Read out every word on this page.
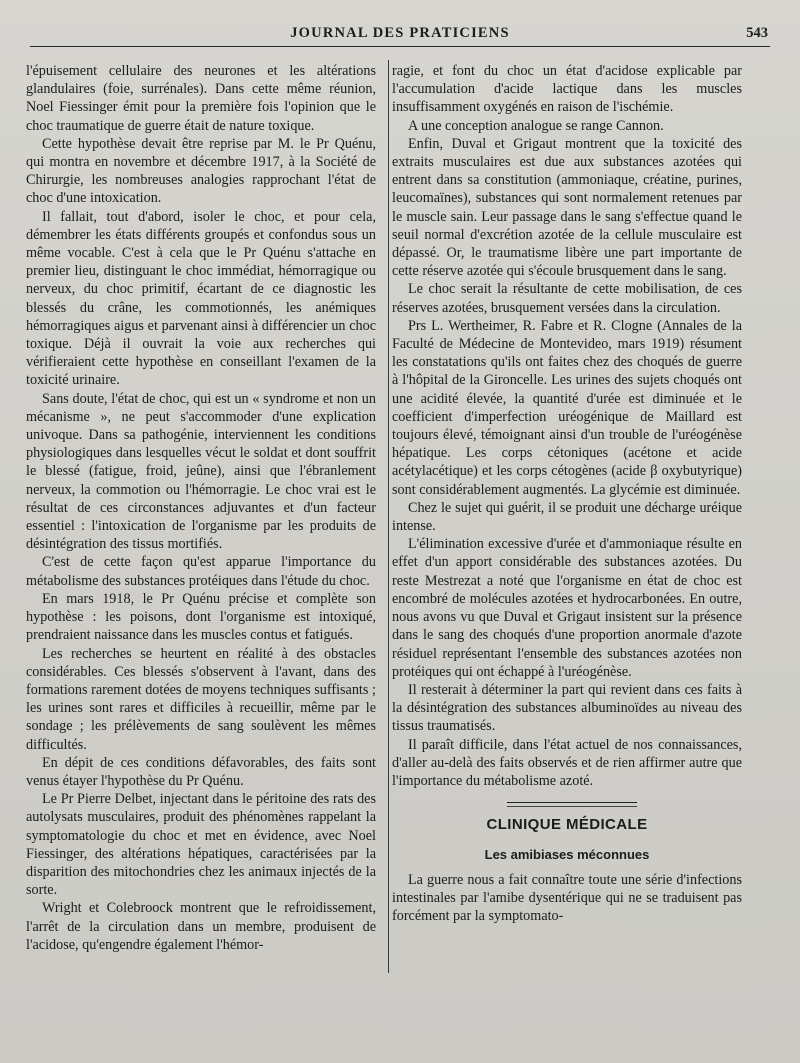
JOURNAL DES PRATICIENS	543

l'épuisement cellulaire des neurones et les altérations glandulaires (foie, surrénales). Dans cette même réunion, Noel Fiessinger émit pour la première fois l'opinion que le choc traumatique de guerre était de nature toxique.

Cette hypothèse devait être reprise par M. le Pr Quénu, qui montra en novembre et décembre 1917, à la Société de Chirurgie, les nombreuses analogies rapprochant l'état de choc d'une intoxication.

Il fallait, tout d'abord, isoler le choc, et pour cela, démembrer les états différents groupés et confondus sous un même vocable. C'est à cela que le Pr Quénu s'attache en premier lieu, distinguant le choc immédiat, hémorragique ou nerveux, du choc primitif, écartant de ce diagnostic les blessés du crâne, les commotionnés, les anémiques hémorragiques aigus et parvenant ainsi à différencier un choc toxique. Déjà il ouvrait la voie aux recherches qui vérifieraient cette hypothèse en conseillant l'examen de la toxicité urinaire.

Sans doute, l'état de choc, qui est un « syndrome et non un mécanisme », ne peut s'accommoder d'une explication univoque. Dans sa pathogénie, interviennent les conditions physiologiques dans lesquelles vécut le soldat et dont souffrit le blessé (fatigue, froid, jeûne), ainsi que l'ébranlement nerveux, la commotion ou l'hémorragie. Le choc vrai est le résultat de ces circonstances adjuvantes et d'un facteur essentiel : l'intoxication de l'organisme par les produits de désintégration des tissus mortifiés.

C'est de cette façon qu'est apparue l'importance du métabolisme des substances protéiques dans l'étude du choc.

En mars 1918, le Pr Quénu précise et complète son hypothèse : les poisons, dont l'organisme est intoxiqué, prendraient naissance dans les muscles contus et fatigués.

Les recherches se heurtent en réalité à des obstacles considérables. Ces blessés s'observent à l'avant, dans des formations rarement dotées de moyens techniques suffisants ; les urines sont rares et difficiles à recueillir, même par le sondage ; les prélèvements de sang soulèvent les mêmes difficultés.

En dépit de ces conditions défavorables, des faits sont venus étayer l'hypothèse du Pr Quénu.

Le Pr Pierre Delbet, injectant dans le péritoine des rats des autolysats musculaires, produit des phénomènes rappelant la symptomatologie du choc et met en évidence, avec Noel Fiessinger, des altérations hépatiques, caractérisées par la disparition des mitochondries chez les animaux injectés de la sorte.

Wright et Colebroock montrent que le refroidissement, l'arrêt de la circulation dans un membre, produisent de l'acidose, qu'engendre également l'hémor-

ragie, et font du choc un état d'acidose explicable par l'accumulation d'acide lactique dans les muscles insuffisamment oxygénés en raison de l'ischémie.

A une conception analogue se range Cannon.

Enfin, Duval et Grigaut montrent que la toxicité des extraits musculaires est due aux substances azotées qui entrent dans sa constitution (ammoniaque, créatine, purines, leucomaïnes), substances qui sont normalement retenues par le muscle sain. Leur passage dans le sang s'effectue quand le seuil normal d'excrétion azotée de la cellule musculaire est dépassé. Or, le traumatisme libère une part importante de cette réserve azotée qui s'écoule brusquement dans le sang.

Le choc serait la résultante de cette mobilisation, de ces réserves azotées, brusquement versées dans la circulation.

Prs L. Wertheimer, R. Fabre et R. Clogne (Annales de la Faculté de Médecine de Montevideo, mars 1919) résument les constatations qu'ils ont faites chez des choqués de guerre à l'hôpital de la Gironcelle. Les urines des sujets choqués ont une acidité élevée, la quantité d'urée est diminuée et le coefficient d'imperfection uréogénique de Maillard est toujours élevé, témoignant ainsi d'un trouble de l'uréogénèse hépatique. Les corps cétoniques (acétone et acide acétylacétique) et les corps cétogènes (acide β oxybutyrique) sont considérablement augmentés. La glycémie est diminuée.

Chez le sujet qui guérit, il se produit une décharge uréique intense.

L'élimination excessive d'urée et d'ammoniaque résulte en effet d'un apport considérable des substances azotées. Du reste Mestrezat a noté que l'organisme en état de choc est encombré de molécules azotées et hydrocarbonées. En outre, nous avons vu que Duval et Grigaut insistent sur la présence dans le sang des choqués d'une proportion anormale d'azote résiduel représentant l'ensemble des substances azotées non protéiques qui ont échappé à l'uréogénèse.

Il resterait à déterminer la part qui revient dans ces faits à la désintégration des substances albuminoïdes au niveau des tissus traumatisés.

Il paraît difficile, dans l'état actuel de nos connaissances, d'aller au-delà des faits observés et de rien affirmer autre que l'importance du métabolisme azoté.

CLINIQUE MÉDICALE
Les amibiases méconnues

La guerre nous a fait connaître toute une série d'infections intestinales par l'amibe dysentérique qui ne se traduisent pas forcément par la symptomato-
